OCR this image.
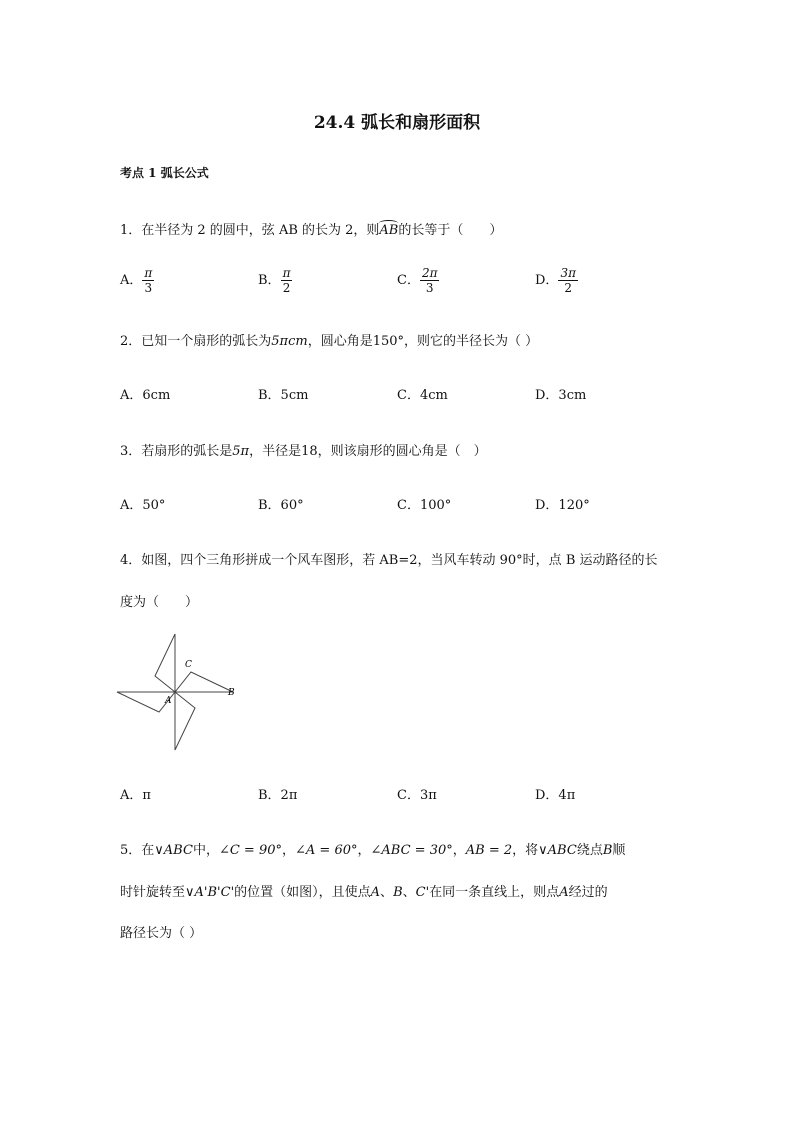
24.4 弧长和扇形面积
考点 1 弧长公式
1．在半径为 2 的圆中，弦 AB 的长为 2，则AB的长等于（　　）
A． $\frac{\pi}{3}$	B． $\frac{\pi}{2}$	C． $\frac{2\pi}{3}$	D． $\frac{3\pi}{2}$
2．已知一个扇形的弧长为5πcm，圆心角是150°，则它的半径长为（ ）
A．6cm	B．5cm	C．4cm	D．3cm
3．若扇形的弧长是5π，半径是18，则该扇形的圆心角是（　）
A．50°	B．60°	C．100°	D．120°
4．如图，四个三角形拼成一个风车图形，若 AB=2，当风车转动 90°时，点 B 运动路径的长
度为（　　）
A
B
C
A．π	B．2π	C．3π	D．4π
5．在∨ABC中，∠C = 90°，∠A = 60°，∠ABC = 30°，AB = 2，将∨ABC绕点B顺
时针旋转至∨A'B'C'的位置（如图），且使点A、B、C'在同一条直线上，则点A经过的
路径长为（ ）
